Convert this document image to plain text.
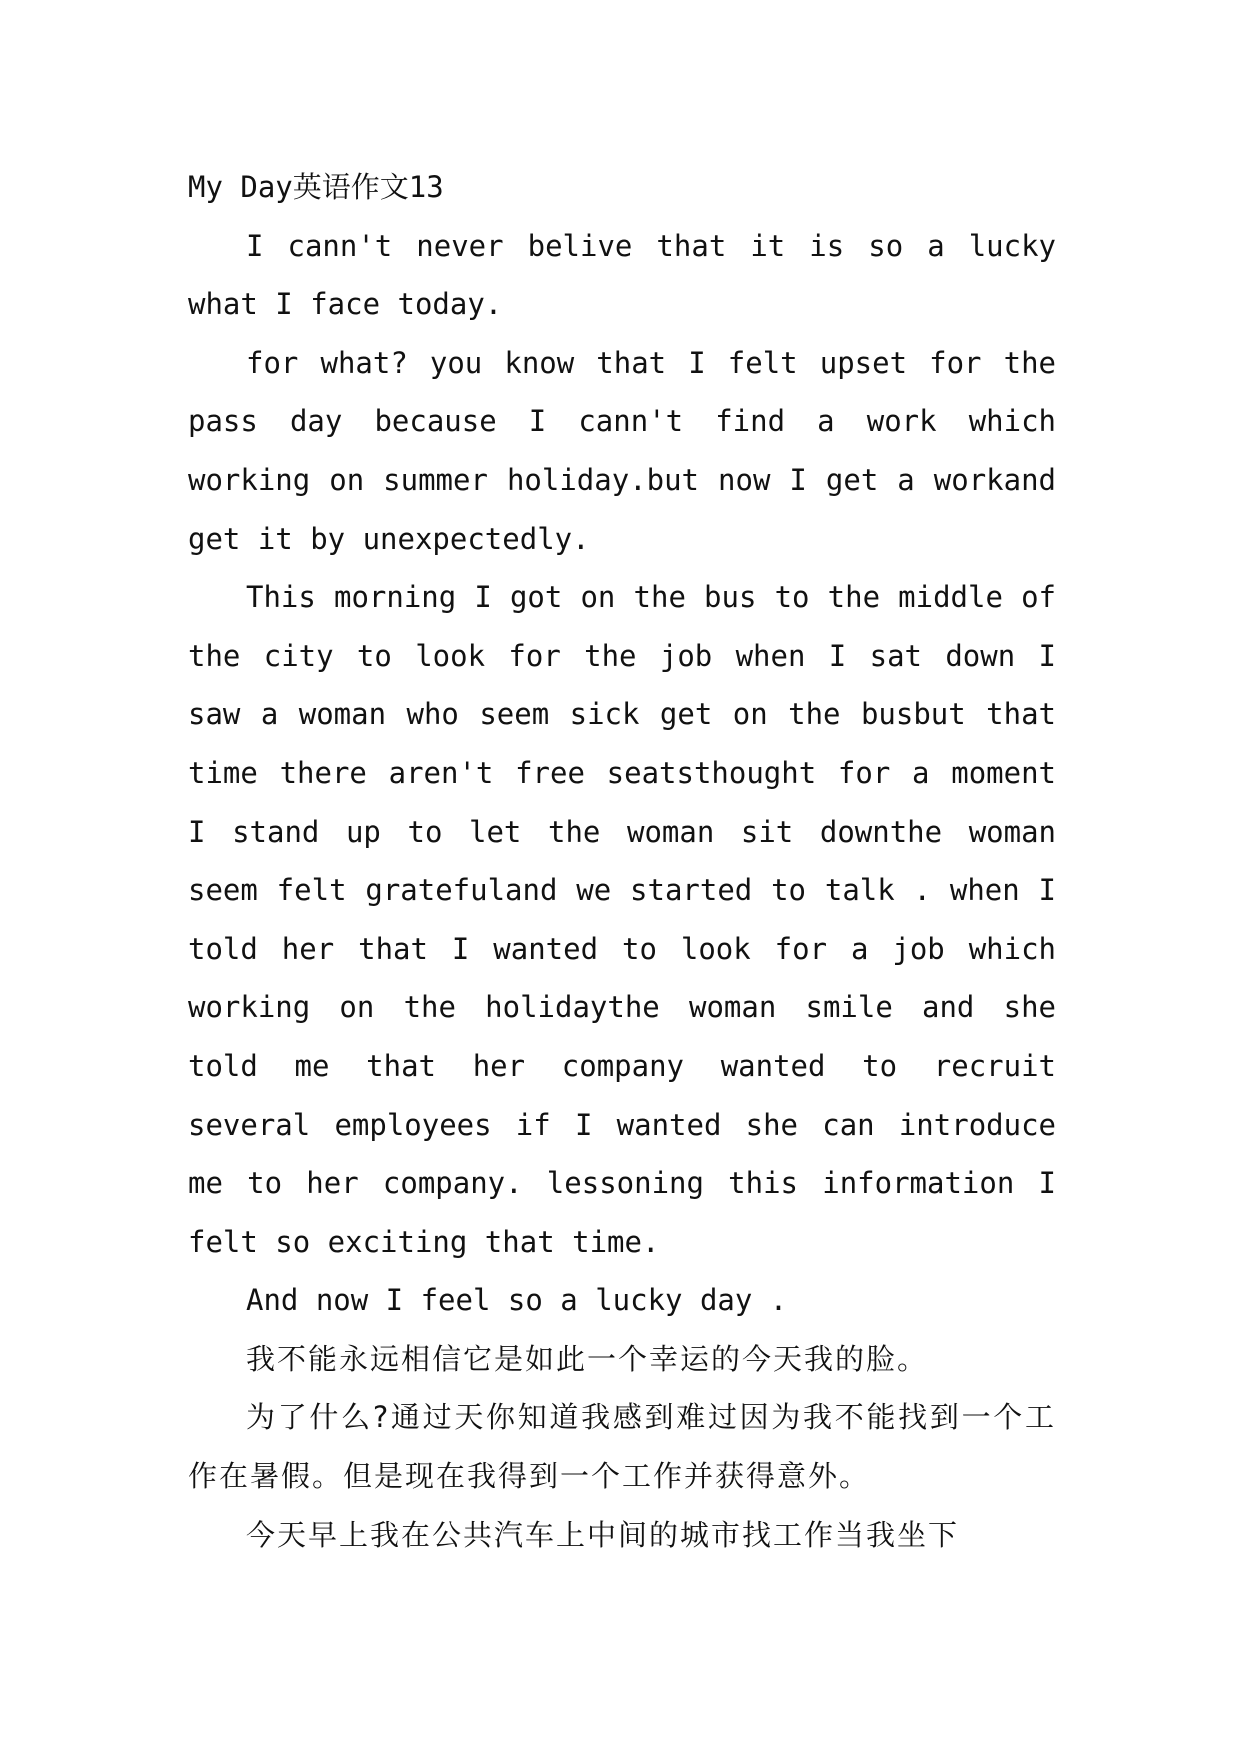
My Day英语作文13

I cann't never belive that it is so a lucky what I face today.

for what? you know that I felt upset for the pass day because I cann't find a work which working on summer holiday.but now I get a workand get it by unexpectedly.

This morning I got on the bus to the middle of the city to look for the job when I sat down I saw a woman who seem sick get on the busbut that time there aren't free seatsthought for a moment I stand up to let the woman sit downthe woman seem felt gratefuland we started to talk . when I told her that I wanted to look for a job which working on the holidaythe woman smile and she told me that her company wanted to recruit several employees if I wanted she can introduce me to her company. lessoning this information I felt so exciting that time.

And now I feel so a lucky day .

我不能永远相信它是如此一个幸运的今天我的脸。

为了什么?通过天你知道我感到难过因为我不能找到一个工作在暑假。但是现在我得到一个工作并获得意外。

今天早上我在公共汽车上中间的城市找工作当我坐下
